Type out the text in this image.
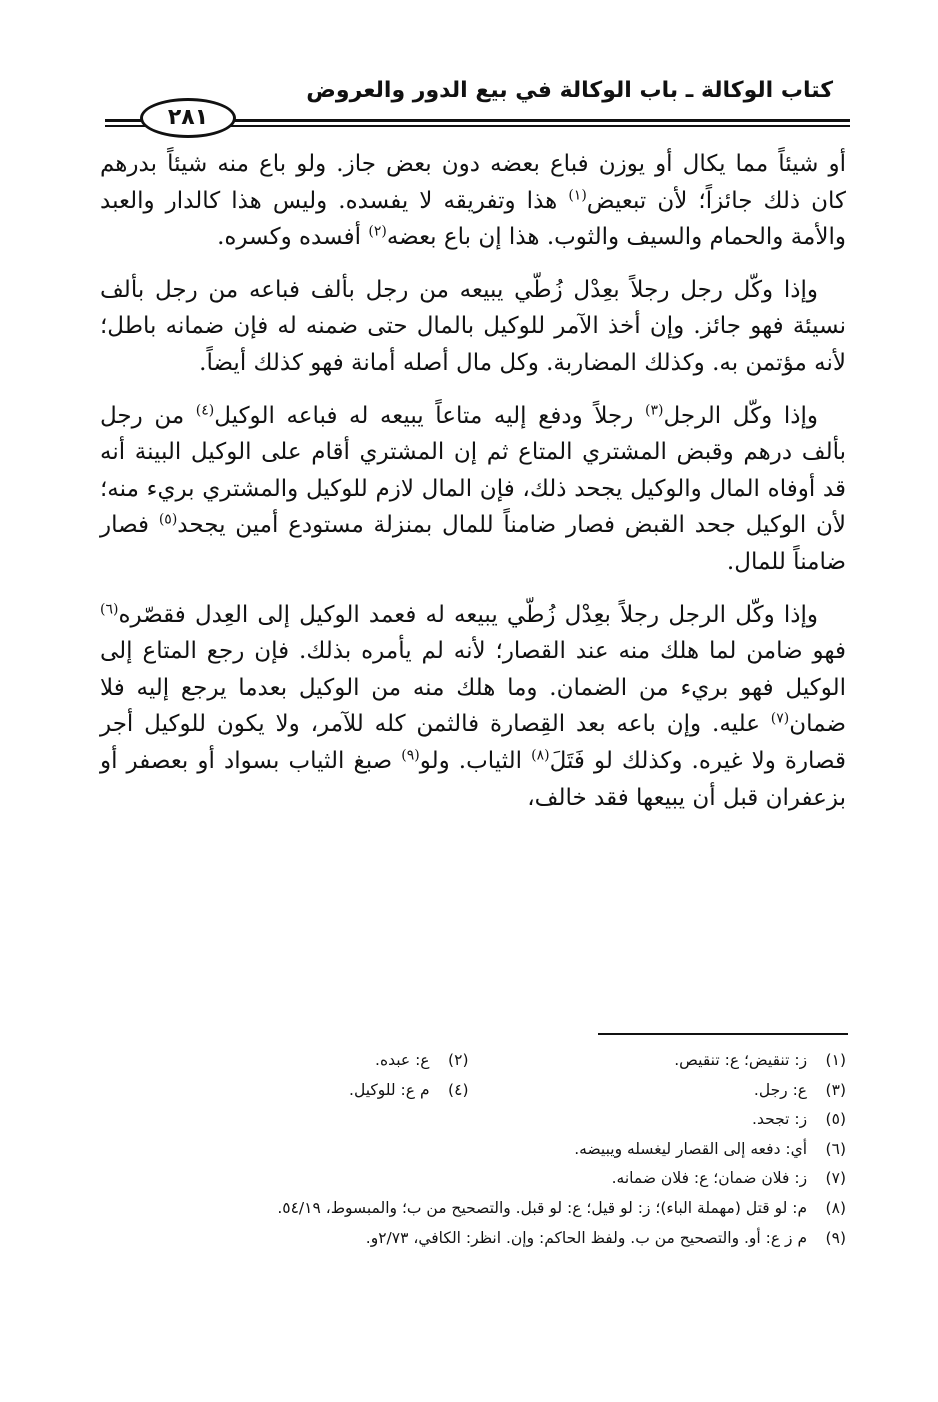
كتاب الوكالة ـ باب الوكالة في بيع الدور والعروض
٢٨١

أو شيئاً مما يكال أو يوزن فباع بعضه دون بعض جاز. ولو باع منه شيئاً بدرهم كان ذلك جائزاً؛ لأن تبعيض$^{(١)}$ هذا وتفريقه لا يفسده. وليس هذا كالدار والعبد والأمة والحمام والسيف والثوب. هذا إن باع بعضه$^{(٢)}$ أفسده وكسره.

وإذا وكّل رجل رجلاً بعِدْل زُطّي يبيعه من رجل بألف فباعه من رجل بألف نسيئة فهو جائز. وإن أخذ الآمر للوكيل بالمال حتى ضمنه له فإن ضمانه باطل؛ لأنه مؤتمن به. وكذلك المضاربة. وكل مال أصله أمانة فهو كذلك أيضاً.

وإذا وكّل الرجل$^{(٣)}$ رجلاً ودفع إليه متاعاً يبيعه له فباعه الوكيل$^{(٤)}$ من رجل بألف درهم وقبض المشتري المتاع ثم إن المشتري أقام على الوكيل البينة أنه قد أوفاه المال والوكيل يجحد ذلك، فإن المال لازم للوكيل والمشتري بريء منه؛ لأن الوكيل جحد القبض فصار ضامناً للمال بمنزلة مستودع أمين يجحد$^{(٥)}$ فصار ضامناً للمال.

وإذا وكّل الرجل رجلاً بعِدْل زُطّي يبيعه له فعمد الوكيل إلى العِدل فقصّره$^{(٦)}$ فهو ضامن لما هلك منه عند القصار؛ لأنه لم يأمره بذلك. فإن رجع المتاع إلى الوكيل فهو بريء من الضمان. وما هلك منه من الوكيل بعدما يرجع إليه فلا ضمان$^{(٧)}$ عليه. وإن باعه بعد القِصارة فالثمن كله للآمر، ولا يكون للوكيل أجر قصارة ولا غيره. وكذلك لو فَتَلَ$^{(٨)}$ الثياب. ولو$^{(٩)}$ صبغ الثياب بسواد أو بعصفر أو بزعفران قبل أن يبيعها فقد خالف،

(١) ز: تنقيض؛ ع: تنقيص.

(٢) ع: عبده.

(٣) ع: رجل.

(٤) م ع: للوكيل.

(٥) ز: تجحد.

(٦) أي: دفعه إلى القصار ليغسله ويبيضه.

(٧) ز: فلان ضمان؛ ع: فلان ضمانه.

(٨) م: لو قتل (مهملة الباء)؛ ز: لو قيل؛ ع: لو قبل. والتصحيح من ب؛ والمبسوط، ٥٤/١٩.

(٩) م ز ع: أو. والتصحيح من ب. ولفظ الحاكم: وإن. انظر: الكافي، ٢/٧٣و.
